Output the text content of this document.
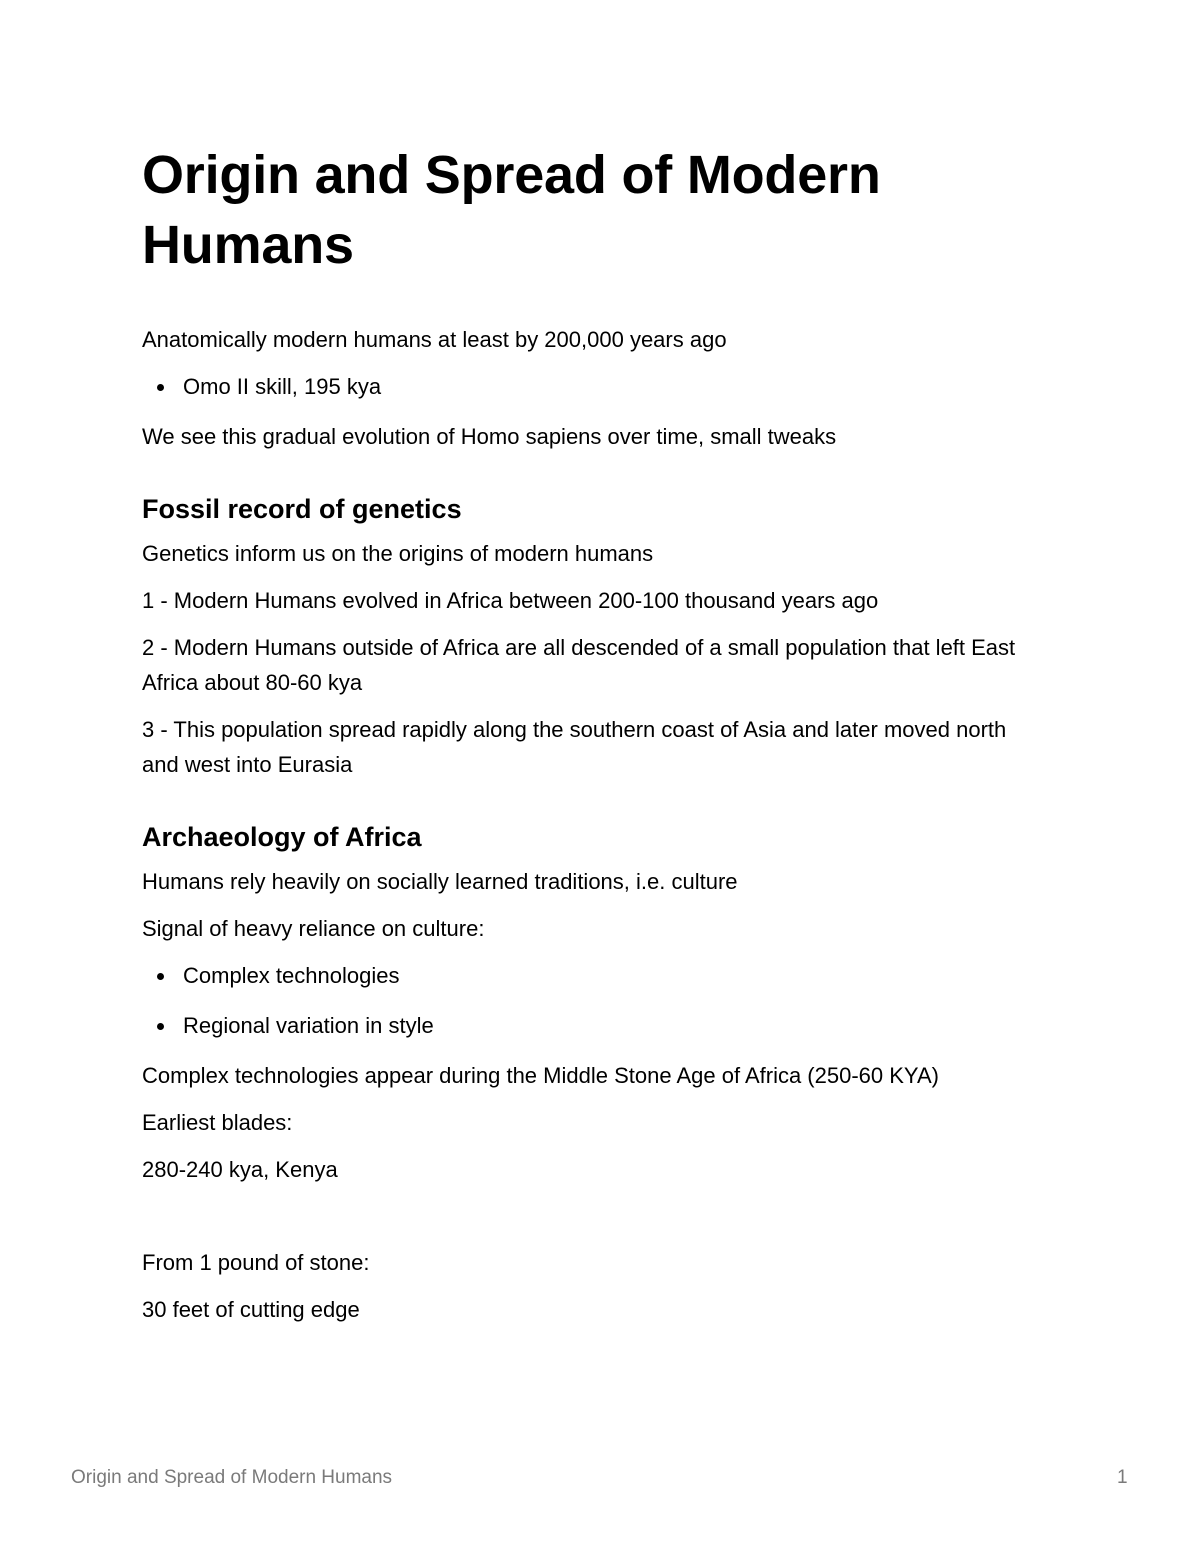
Origin and Spread of Modern Humans

Anatomically modern humans at least by 200,000 years ago

Omo II skill, 195 kya

We see this gradual evolution of Homo sapiens over time, small tweaks

Fossil record of genetics

Genetics inform us on the origins of modern humans

1 - Modern Humans evolved in Africa between 200-100 thousand years ago

2 - Modern Humans outside of Africa are all descended of a small population that left East Africa about 80-60 kya

3 - This population spread rapidly along the southern coast of Asia and later moved north and west into Eurasia

Archaeology of Africa

Humans rely heavily on socially learned traditions, i.e. culture

Signal of heavy reliance on culture:

Complex technologies
Regional variation in style

Complex technologies appear during the Middle Stone Age of Africa (250-60 KYA)

Earliest blades:

280-240 kya, Kenya

From 1 pound of stone:

30 feet of cutting edge

Origin and Spread of Modern Humans	1
